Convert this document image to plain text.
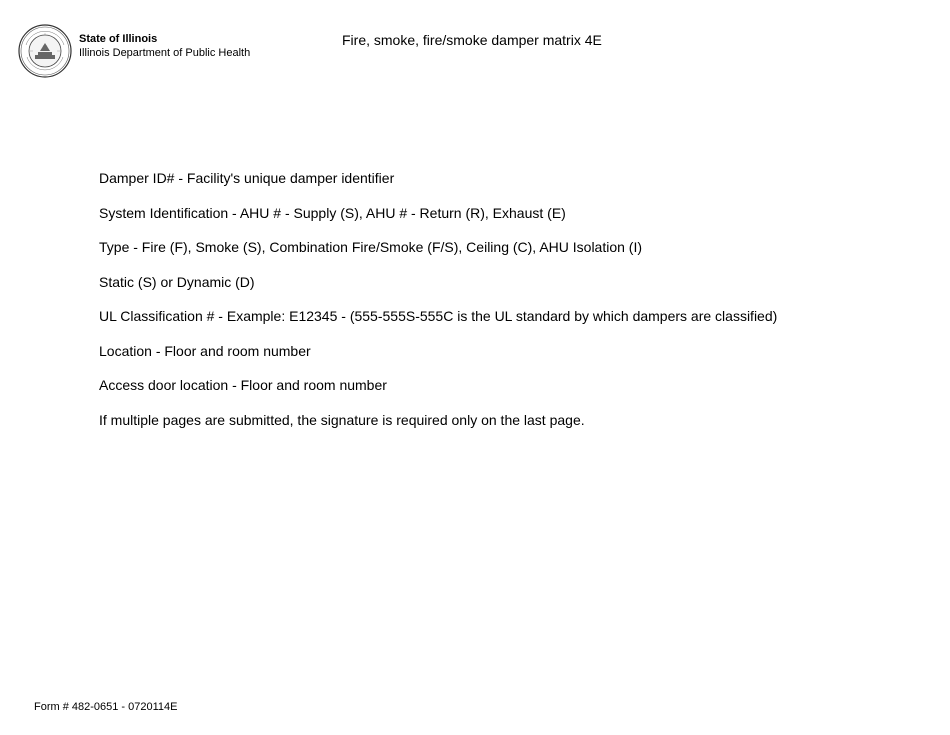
State of Illinois
Illinois Department of Public Health
Fire, smoke, fire/smoke damper matrix 4E
Damper ID# - Facility's unique damper identifier
System Identification - AHU # - Supply (S), AHU # - Return (R), Exhaust (E)
Type - Fire (F), Smoke (S), Combination Fire/Smoke (F/S), Ceiling (C), AHU Isolation (I)
Static (S) or Dynamic (D)
UL Classification # - Example: E12345 - (555-555S-555C is the UL standard by which dampers are classified)
Location - Floor and room number
Access door location - Floor and room number
If multiple pages are submitted, the signature is required only on the last page.
Form # 482-0651 - 0720114E
